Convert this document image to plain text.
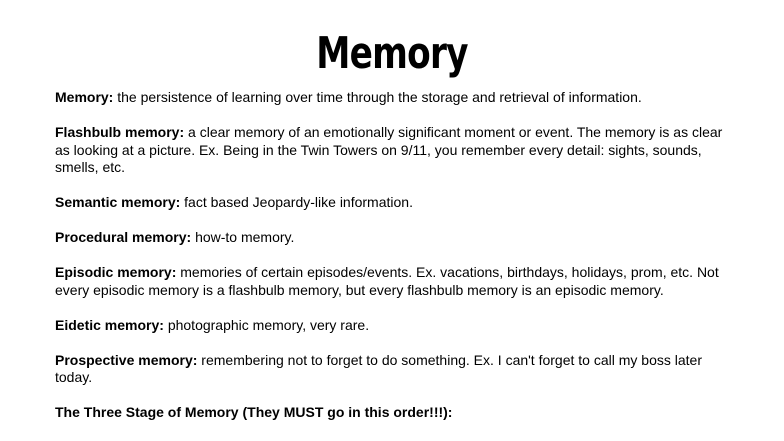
Memory

Memory: the persistence of learning over time through the storage and retrieval of information.

Flashbulb memory: a clear memory of an emotionally significant moment or event. The memory is as clear as looking at a picture. Ex. Being in the Twin Towers on 9/11, you remember every detail: sights, sounds, smells, etc.

Semantic memory: fact based Jeopardy-like information.

Procedural memory: how-to memory.

Episodic memory: memories of certain episodes/events. Ex. vacations, birthdays, holidays, prom, etc. Not every episodic memory is a flashbulb memory, but every flashbulb memory is an episodic memory.

Eidetic memory: photographic memory, very rare.

Prospective memory: remembering not to forget to do something. Ex. I can't forget to call my boss later today.

The Three Stage of Memory (They MUST go in this order!!!):
